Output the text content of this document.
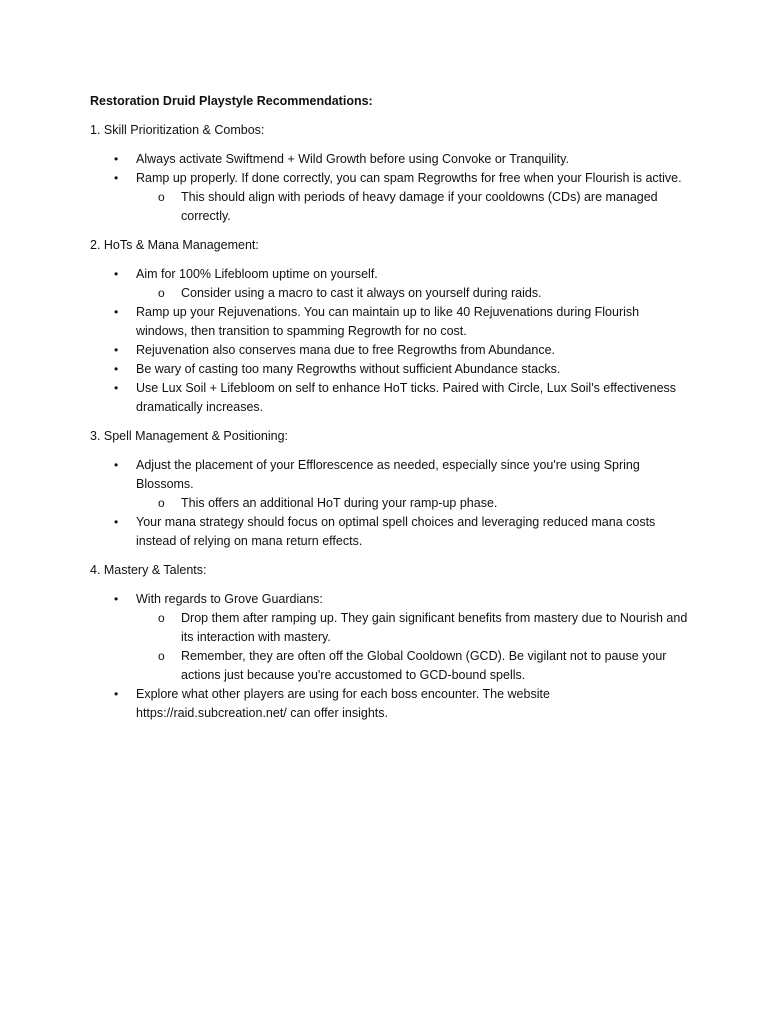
Restoration Druid Playstyle Recommendations:
1. Skill Prioritization & Combos:
• Always activate Swiftmend + Wild Growth before using Convoke or Tranquility.
• Ramp up properly. If done correctly, you can spam Regrowths for free when your Flourish is active.
o This should align with periods of heavy damage if your cooldowns (CDs) are managed correctly.
2. HoTs & Mana Management:
• Aim for 100% Lifebloom uptime on yourself.
o Consider using a macro to cast it always on yourself during raids.
• Ramp up your Rejuvenations. You can maintain up to like 40 Rejuvenations during Flourish windows, then transition to spamming Regrowth for no cost.
• Rejuvenation also conserves mana due to free Regrowths from Abundance.
• Be wary of casting too many Regrowths without sufficient Abundance stacks.
• Use Lux Soil + Lifebloom on self to enhance HoT ticks. Paired with Circle, Lux Soil's effectiveness dramatically increases.
3. Spell Management & Positioning:
• Adjust the placement of your Efflorescence as needed, especially since you're using Spring Blossoms.
o This offers an additional HoT during your ramp-up phase.
• Your mana strategy should focus on optimal spell choices and leveraging reduced mana costs instead of relying on mana return effects.
4. Mastery & Talents:
• With regards to Grove Guardians:
o Drop them after ramping up. They gain significant benefits from mastery due to Nourish and its interaction with mastery.
o Remember, they are often off the Global Cooldown (GCD). Be vigilant not to pause your actions just because you're accustomed to GCD-bound spells.
• Explore what other players are using for each boss encounter. The website https://raid.subcreation.net/ can offer insights.
